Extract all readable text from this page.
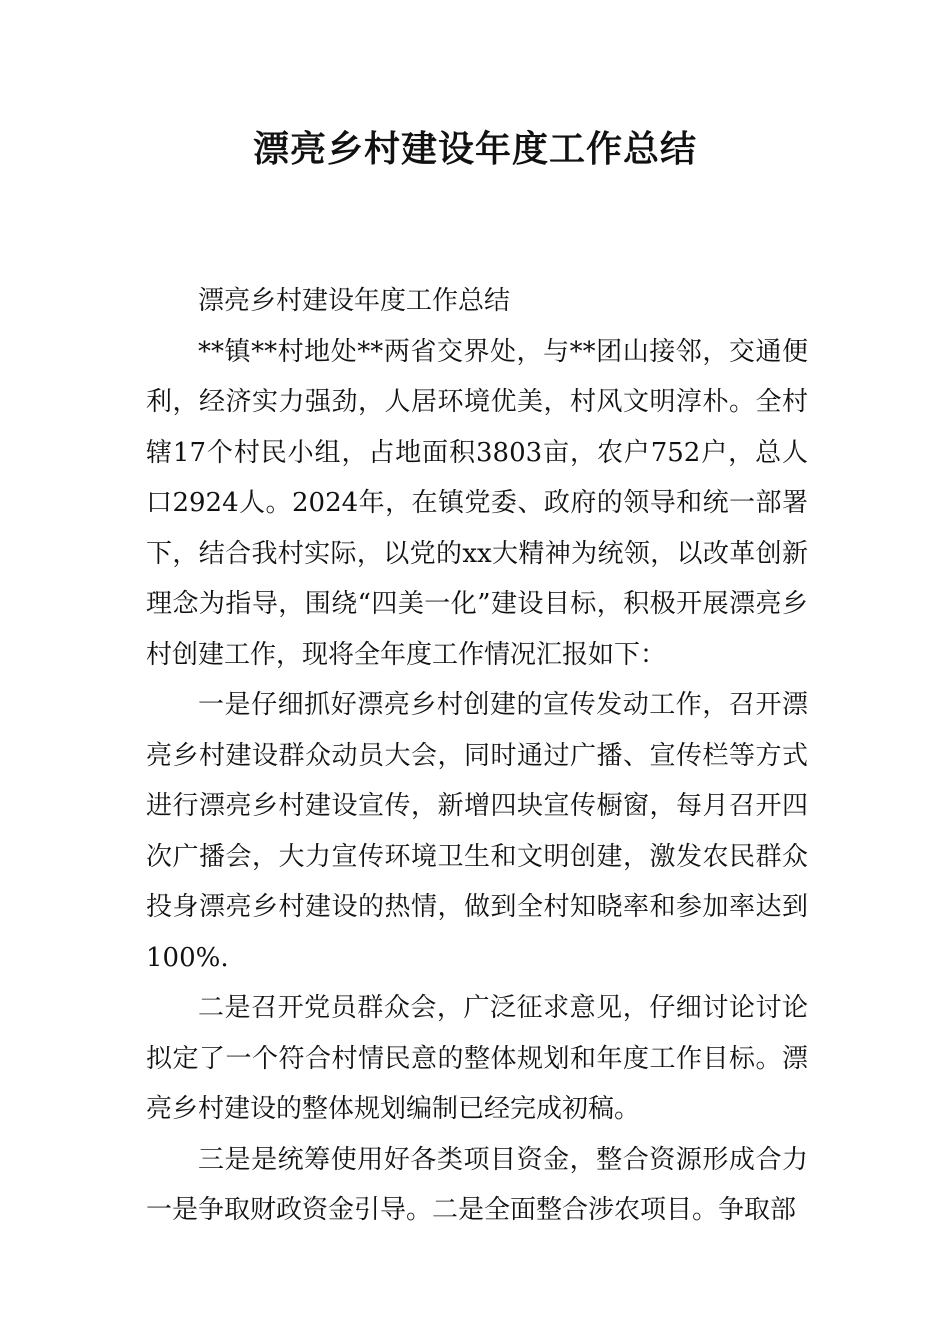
漂亮乡村建设年度工作总结

漂亮乡村建设年度工作总结

**镇**村地处**两省交界处，与**团山接邻，交通便利，经济实力强劲，人居环境优美，村风文明淳朴。全村辖17个村民小组，占地面积3803亩，农户752户，总人口2924人。2024年，在镇党委、政府的领导和统一部署下，结合我村实际，以党的xx大精神为统领，以改革创新理念为指导，围绕“四美一化”建设目标，积极开展漂亮乡村创建工作，现将全年度工作情况汇报如下：

一是仔细抓好漂亮乡村创建的宣传发动工作，召开漂亮乡村建设群众动员大会，同时通过广播、宣传栏等方式进行漂亮乡村建设宣传，新增四块宣传橱窗，每月召开四次广播会，大力宣传环境卫生和文明创建，激发农民群众投身漂亮乡村建设的热情，做到全村知晓率和参加率达到100%.

二是召开党员群众会，广泛征求意见，仔细讨论讨论拟定了一个符合村情民意的整体规划和年度工作目标。漂亮乡村建设的整体规划编制已经完成初稿。

三是是统筹使用好各类项目资金，整合资源形成合力一是争取财政资金引导。二是全面整合涉农项目。争取部
